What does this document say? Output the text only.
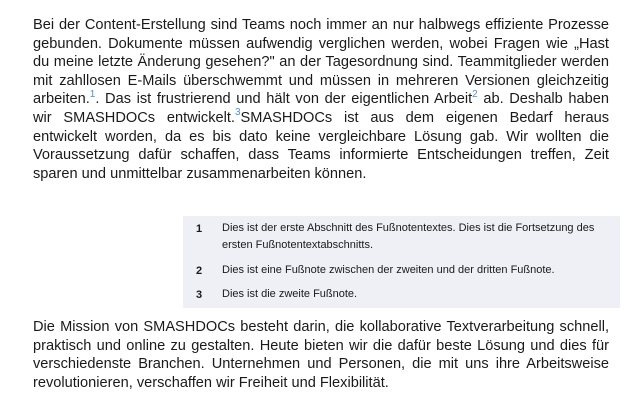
Bei der Content-Erstellung sind Teams noch immer an nur halbwegs effiziente Prozesse gebunden. Dokumente müssen aufwendig verglichen werden, wobei Fragen wie „Hast du meine letzte Änderung gesehen?" an der Tagesordnung sind. Teammitglieder werden mit zahllosen E-Mails überschwemmt und müssen in mehreren Versionen gleichzeitig arbeiten.$^1$. Das ist frustrierend und hält von der eigentlichen Arbeit$^2$ ab. Deshalb haben wir SMASHDOCs entwickelt.$^3$SMASHDOCs ist aus dem eigenen Bedarf heraus entwickelt worden, da es bis dato keine vergleichbare Lösung gab. Wir wollten die Voraussetzung dafür schaffen, dass Teams informierte Entscheidungen treffen, Zeit sparen und unmittelbar zusammenarbeiten können.

1 Dies ist der erste Abschnitt des Fußnotentextes. Dies ist die Fortsetzung des ersten Fußnotentextabschnitts.
2 Dies ist eine Fußnote zwischen der zweiten und der dritten Fußnote.
3 Dies ist die zweite Fußnote.

Die Mission von SMASHDOCs besteht darin, die kollaborative Textverarbeitung schnell, praktisch und online zu gestalten. Heute bieten wir die dafür beste Lösung und dies für verschiedenste Branchen. Unternehmen und Personen, die mit uns ihre Arbeitsweise revolutionieren, verschaffen wir Freiheit und Flexibilität.
